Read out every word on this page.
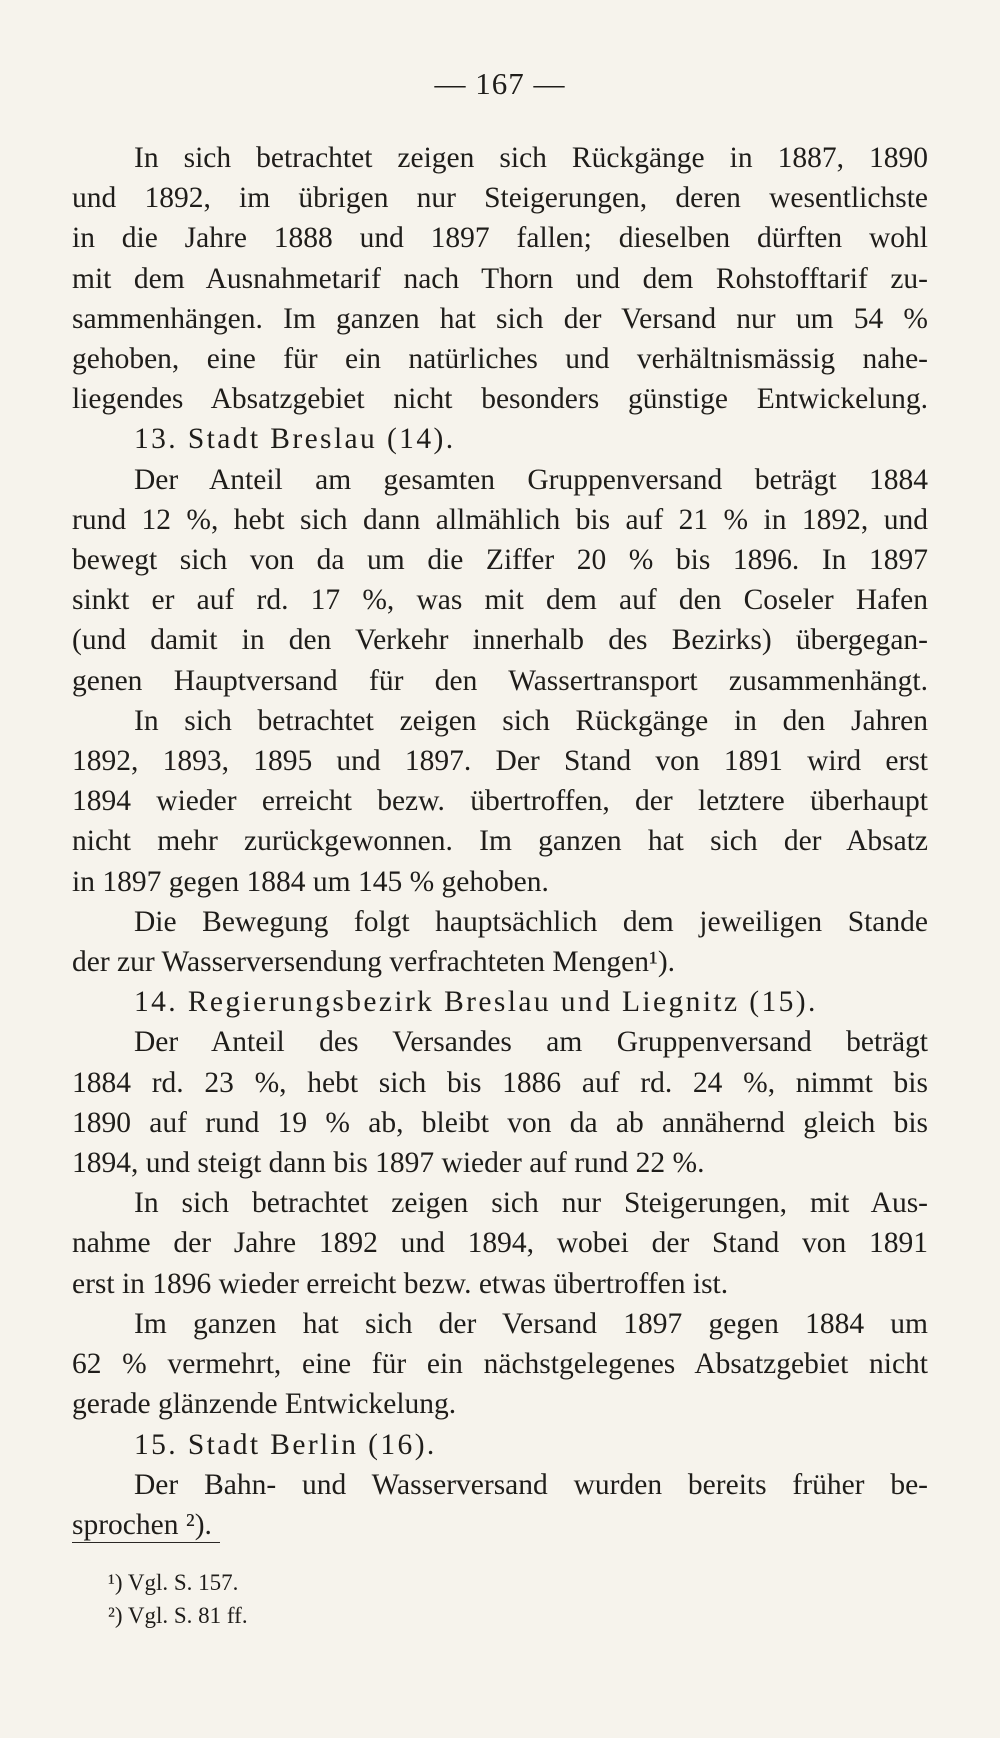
— 167 —
In sich betrachtet zeigen sich Rückgänge in 1887, 1890
und 1892, im übrigen nur Steigerungen, deren wesentlichste
in die Jahre 1888 und 1897 fallen; dieselben dürften wohl
mit dem Ausnahmetarif nach Thorn und dem Rohstofftarif zu-
sammenhängen. Im ganzen hat sich der Versand nur um 54 %
gehoben, eine für ein natürliches und verhältnismässig nahe-
liegendes Absatzgebiet nicht besonders günstige Entwickelung.
13. Stadt Breslau (14).
Der Anteil am gesamten Gruppenversand beträgt 1884
rund 12 %, hebt sich dann allmählich bis auf 21 % in 1892, und
bewegt sich von da um die Ziffer 20 % bis 1896. In 1897
sinkt er auf rd. 17 %, was mit dem auf den Coseler Hafen
(und damit in den Verkehr innerhalb des Bezirks) übergegan-
genen Hauptversand für den Wassertransport zusammenhängt.
In sich betrachtet zeigen sich Rückgänge in den Jahren
1892, 1893, 1895 und 1897. Der Stand von 1891 wird erst
1894 wieder erreicht bezw. übertroffen, der letztere überhaupt
nicht mehr zurückgewonnen. Im ganzen hat sich der Absatz
in 1897 gegen 1884 um 145 % gehoben.
Die Bewegung folgt hauptsächlich dem jeweiligen Stande
der zur Wasserversendung verfrachteten Mengen¹).
14. Regierungsbezirk Breslau und Liegnitz (15).
Der Anteil des Versandes am Gruppenversand beträgt
1884 rd. 23 %, hebt sich bis 1886 auf rd. 24 %, nimmt bis
1890 auf rund 19 % ab, bleibt von da ab annähernd gleich bis
1894, und steigt dann bis 1897 wieder auf rund 22 %.
In sich betrachtet zeigen sich nur Steigerungen, mit Aus-
nahme der Jahre 1892 und 1894, wobei der Stand von 1891
erst in 1896 wieder erreicht bezw. etwas übertroffen ist.
Im ganzen hat sich der Versand 1897 gegen 1884 um
62 % vermehrt, eine für ein nächstgelegenes Absatzgebiet nicht
gerade glänzende Entwickelung.
15. Stadt Berlin (16).
Der Bahn- und Wasserversand wurden bereits früher be-
sprochen ²).
¹) Vgl. S. 157.
²) Vgl. S. 81 ff.
